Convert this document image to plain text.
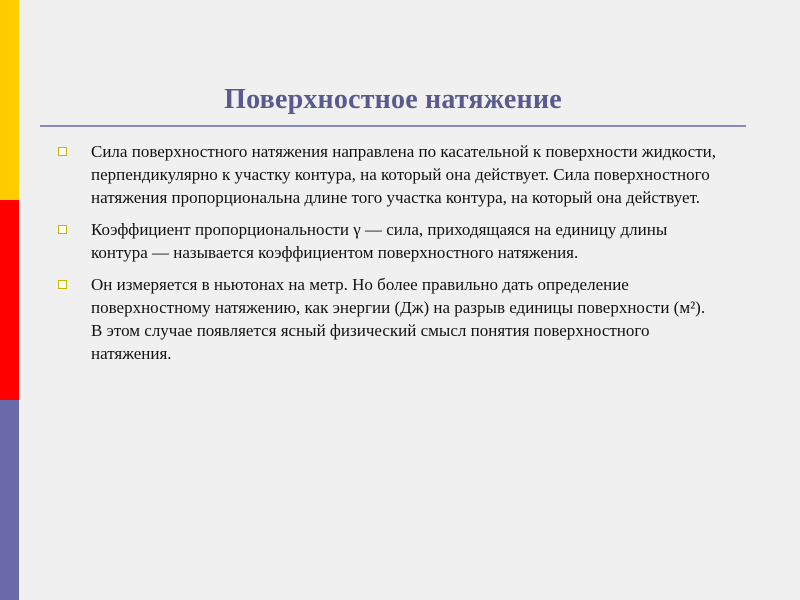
Поверхностное натяжение
Сила поверхностного натяжения направлена по касательной к поверхности жидкости, перпендикулярно к участку контура, на который она действует. Сила поверхностного натяжения пропорциональна длине того участка контура, на который она действует.
Коэффициент пропорциональности γ — сила, приходящаяся на единицу длины контура — называется коэффициентом поверхностного натяжения.
Он измеряется в ньютонах на метр. Но более правильно дать определение поверхностному натяжению, как энергии (Дж) на разрыв единицы поверхности (м²). В этом случае появляется ясный физический смысл понятия поверхностного натяжения.
